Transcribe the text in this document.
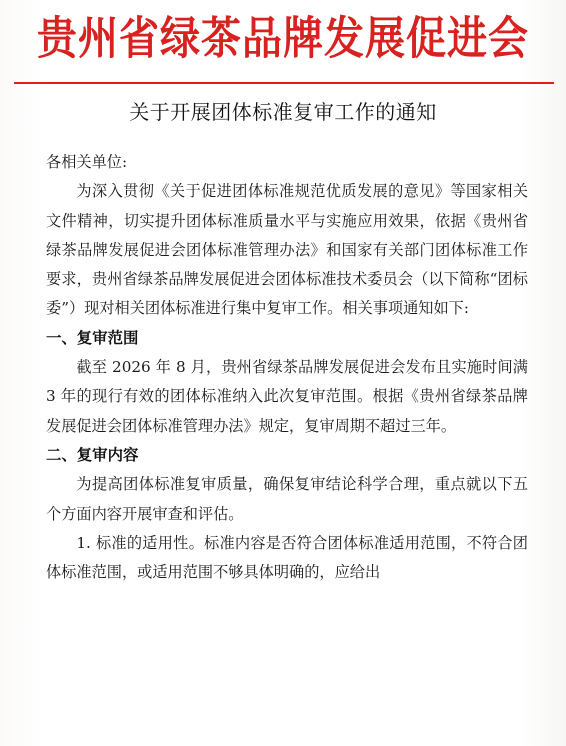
贵州省绿茶品牌发展促进会
关于开展团体标准复审工作的通知

各相关单位:

为深入贯彻《关于促进团体标准规范优质发展的意见》等国家相关文件精神，切实提升团体标准质量水平与实施应用效果，依据《贵州省绿茶品牌发展促进会团体标准管理办法》和国家有关部门团体标准工作要求，贵州省绿茶品牌发展促进会团体标准技术委员会（以下简称“团标委”）现对相关团体标准进行集中复审工作。相关事项通知如下:

一、复审范围

截至 2026 年 8 月，贵州省绿茶品牌发展促进会发布且实施时间满 3 年的现行有效的团体标准纳入此次复审范围。根据《贵州省绿茶品牌发展促进会团体标准管理办法》规定，复审周期不超过三年。

二、复审内容

为提高团体标准复审质量，确保复审结论科学合理，重点就以下五个方面内容开展审查和评估。

1. 标准的适用性。标准内容是否符合团体标准适用范围，不符合团体标准范围，或适用范围不够具体明确的，应给出
